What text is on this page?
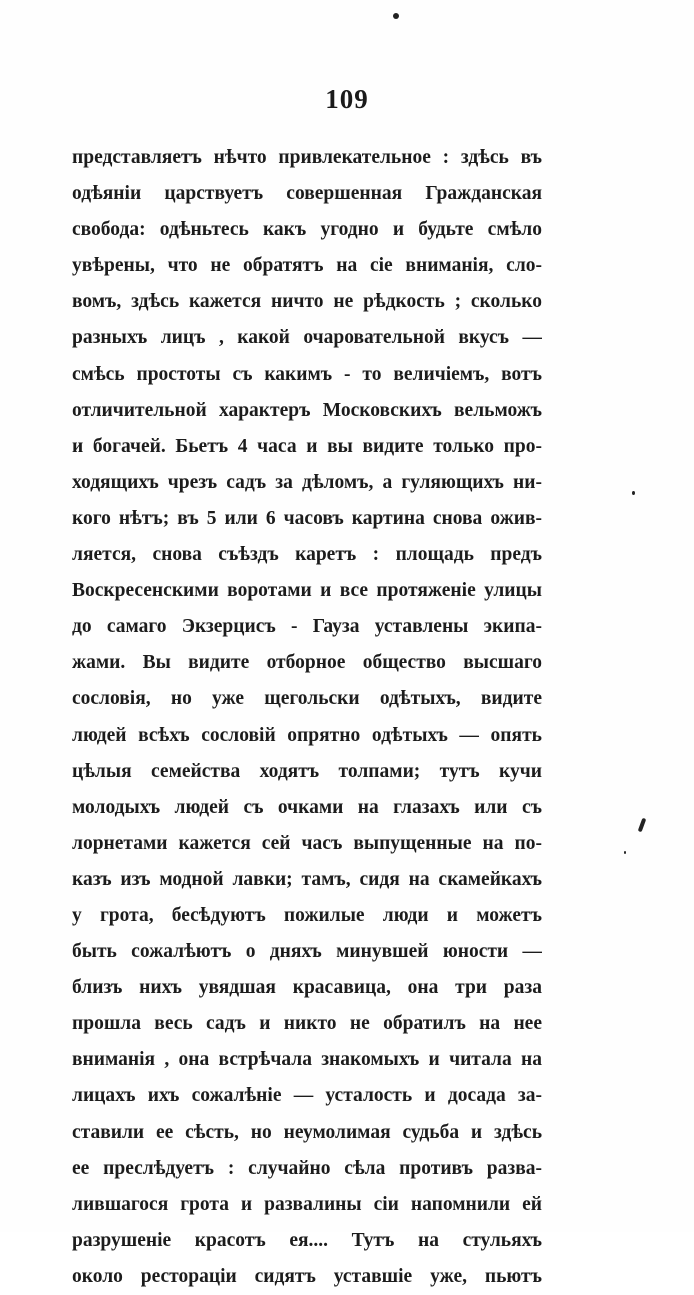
109
представляетъ нѣчто привлекательное : здѣсь въ
одѣяніи царствуетъ совершенная Гражданская
свобода: одѣньтесь какъ угодно и будьте смѣло
увѣрены, что не обратятъ на сіе вниманія, сло-
вомъ, здѣсь кажется ничто не рѣдкость ; сколько
разныхъ лицъ , какой очаровательной вкусъ —
смѣсь простоты съ какимъ - то величіемъ, вотъ
отличительной характеръ Московскихъ вельможъ
и богачей. Бьетъ 4 часа и вы видите только про-
ходящихъ чрезъ садъ за дѣломъ, а гуляющихъ ни-
кого нѣтъ; въ 5 или 6 часовъ картина снова ожив-
ляется, снова съѣздъ каретъ : площадь предъ
Воскресенскими воротами и все протяженіе улицы
до самаго Экзерцисъ - Гауза уставлены экипа-
жами. Вы видите отборное общество высшаго
сословія, но уже щегольски одѣтыхъ, видите
людей всѣхъ сословій опрятно одѣтыхъ — опять
цѣлыя семейства ходятъ толпами; тутъ кучи
молодыхъ людей съ очками на глазахъ или съ
лорнетами кажется сей часъ выпущенные на по-
казъ изъ модной лавки; тамъ, сидя на скамейкахъ
у грота, бесѣдуютъ пожилые люди и можетъ
быть сожалѣютъ о дняхъ минувшей юности —
близъ нихъ увядшая красавица, она три раза
прошла весь садъ и никто не обратилъ на нее
вниманія , она встрѣчала знакомыхъ и читала на
лицахъ ихъ сожалѣніе — усталость и досада за-
ставили ее сѣсть, но неумолимая судьба и здѣсь
ее преслѣдуетъ : случайно сѣла противъ разва-
лившагося грота и развалины сіи напомнили ей
разрушеніе красотъ ея.... Тутъ на стульяхъ
около ресторацiи сидятъ уставшіе уже, пьютъ
